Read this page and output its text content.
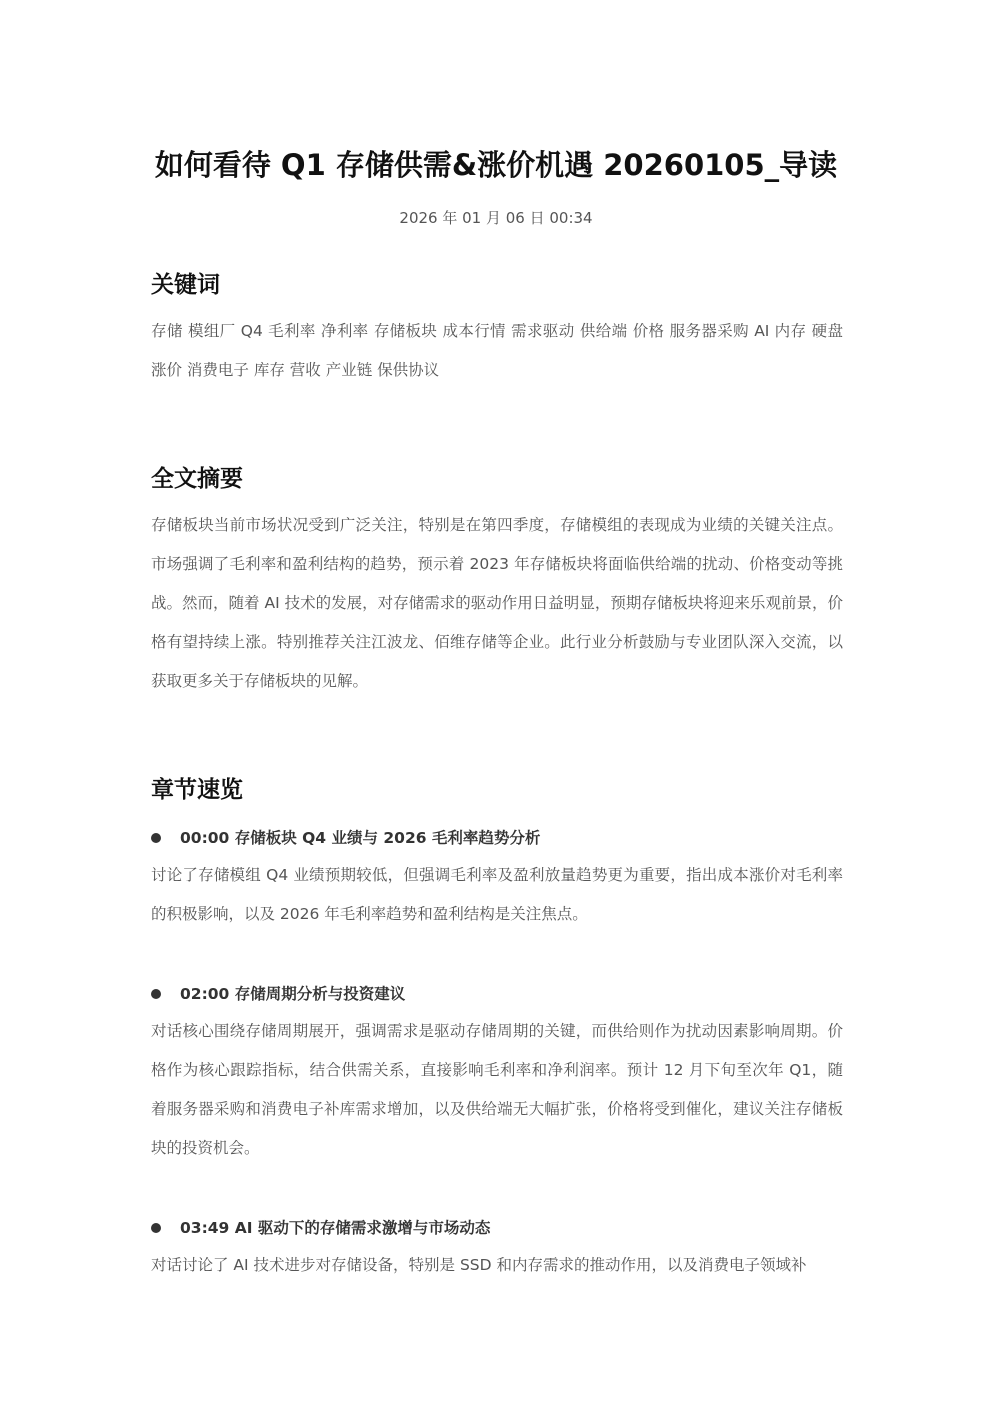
如何看待 Q1 存储供需&涨价机遇 20260105_导读
2026 年 01 月 06 日 00:34
关键词

存储 模组厂 Q4 毛利率 净利率 存储板块 成本行情 需求驱动 供给端 价格 服务器采购 AI 内存 硬盘 涨价 消费电子 库存 营收 产业链 保供协议

全文摘要

存储板块当前市场状况受到广泛关注，特别是在第四季度，存储模组的表现成为业绩的关键关注点。市场强调了毛利率和盈利结构的趋势，预示着 2023 年存储板块将面临供给端的扰动、价格变动等挑战。然而，随着 AI 技术的发展，对存储需求的驱动作用日益明显，预期存储板块将迎来乐观前景，价格有望持续上涨。特别推荐关注江波龙、佰维存储等企业。此行业分析鼓励与专业团队深入交流，以获取更多关于存储板块的见解。

章节速览
00:00 存储板块 Q4 业绩与 2026 毛利率趋势分析

讨论了存储模组 Q4 业绩预期较低，但强调毛利率及盈利放量趋势更为重要，指出成本涨价对毛利率的积极影响，以及 2026 年毛利率趋势和盈利结构是关注焦点。

02:00 存储周期分析与投资建议

对话核心围绕存储周期展开，强调需求是驱动存储周期的关键，而供给则作为扰动因素影响周期。价格作为核心跟踪指标，结合供需关系，直接影响毛利率和净利润率。预计 12 月下旬至次年 Q1，随着服务器采购和消费电子补库需求增加，以及供给端无大幅扩张，价格将受到催化，建议关注存储板块的投资机会。

03:49 AI 驱动下的存储需求激增与市场动态

对话讨论了 AI 技术进步对存储设备，特别是 SSD 和内存需求的推动作用，以及消费电子领域补
